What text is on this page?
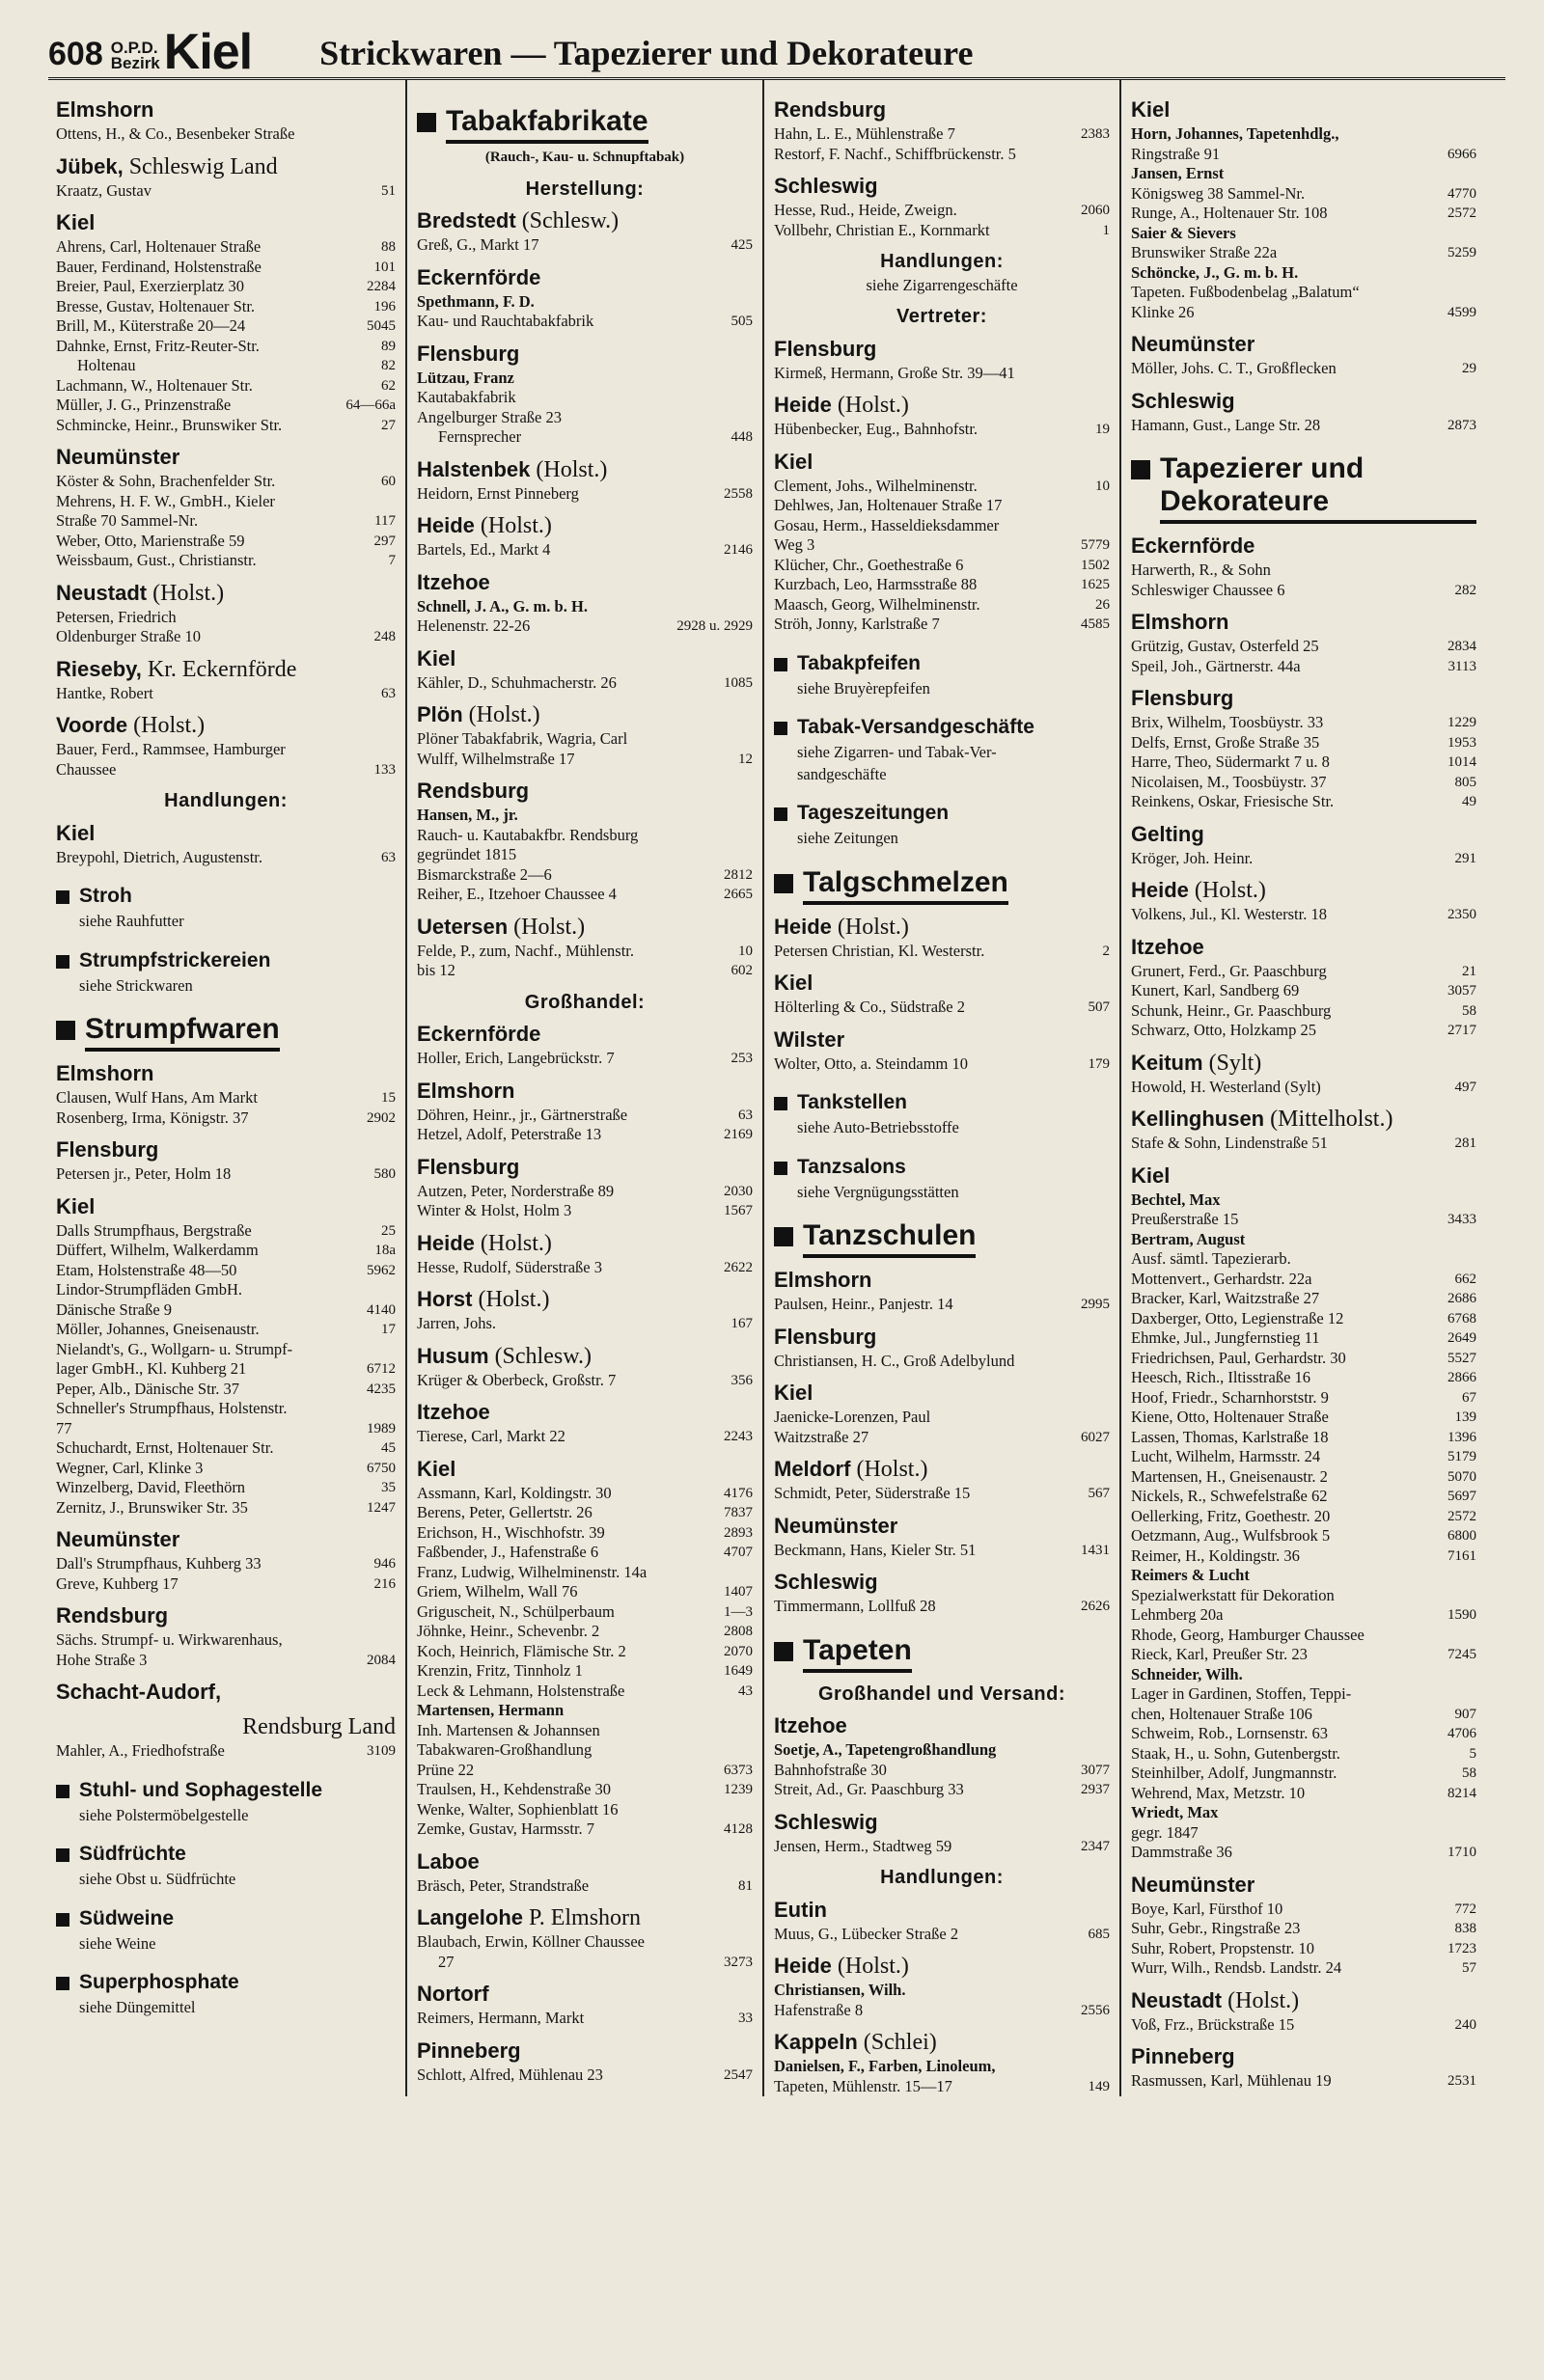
608 O.P.D.
Bezirk Kiel Strickwaren — Tapezierer und Dekorateure
Elmshorn
Ottens, H., & Co., Besenbeker Straße
Jübek, Schleswig Land
Kraatz, Gustav	51
Kiel
Ahrens, Carl, Holtenauer Straße	88
Bauer, Ferdinand, Holstenstraße	101
Breier, Paul, Exerzierplatz 30	2284
Bresse, Gustav, Holtenauer Str.	196
Brill, M., Küterstraße 20—24	5045
Dahnke, Ernst, Fritz-Reuter-Str.	89
Holtenau	82
Lachmann, W., Holtenauer Str.	62
Müller, J. G., Prinzenstraße	64—66a
Schmincke, Heinr., Brunswiker Str.	27
Neumünster
Köster & Sohn, Brachenfelder Str.	60
Mehrens, H. F. W., GmbH., Kieler
Straße 70 Sammel-Nr.	117
Weber, Otto, Marienstraße 59	297
Weissbaum, Gust., Christianstr.	7
Neustadt (Holst.)
Petersen, Friedrich
Oldenburger Straße 10	248
Rieseby, Kr. Eckernförde
Hantke, Robert	63
Voorde (Holst.)
Bauer, Ferd., Rammsee, Hamburger
Chaussee	133
Handlungen:
Kiel
Breypohl, Dietrich, Augustenstr.	63
Stroh
siehe Rauhfutter
Strumpfstrickereien
siehe Strickwaren
Strumpfwaren
Elmshorn
Clausen, Wulf Hans, Am Markt	15
Rosenberg, Irma, Königstr. 37	2902
Flensburg
Petersen jr., Peter, Holm 18	580
Kiel
Dalls Strumpfhaus, Bergstraße	25
Düffert, Wilhelm, Walkerdamm	18a
Etam, Holstenstraße 48—50	5962
Lindor-Strumpfläden GmbH.
Dänische Straße 9	4140
Möller, Johannes, Gneisenaustr.	17
Nielandt's, G., Wollgarn- u. Strumpf-
lager GmbH., Kl. Kuhberg 21	6712
Peper, Alb., Dänische Str. 37	4235
Schneller's Strumpfhaus, Holstenstr.
77	1989
Schuchardt, Ernst, Holtenauer Str.	45
Wegner, Carl, Klinke 3	6750
Winzelberg, David, Fleethörn	35
Zernitz, J., Brunswiker Str. 35	1247
Neumünster
Dall's Strumpfhaus, Kuhberg 33	946
Greve, Kuhberg 17	216
Rendsburg
Sächs. Strumpf- u. Wirkwarenhaus,
Hohe Straße 3	2084
Schacht-Audorf,
Rendsburg Land
Mahler, A., Friedhofstraße	3109
Stuhl- und Sophagestelle
siehe Polstermöbelgestelle
Südfrüchte
siehe Obst u. Südfrüchte
Südweine
siehe Weine
Superphosphate
siehe Düngemittel
Tabakfabrikate
(Rauch-, Kau- u. Schnupftabak)
Herstellung:
Bredstedt (Schlesw.)
Greß, G., Markt 17	425
Eckernförde
Spethmann, F. D.
Kau- und Rauchtabakfabrik	505
Flensburg
Lützau, Franz
Kautabakfabrik
Angelburger Straße 23
Fernsprecher	448
Halstenbek (Holst.)
Heidorn, Ernst Pinneberg	2558
Heide (Holst.)
Bartels, Ed., Markt 4	2146
Itzehoe
Schnell, J. A., G. m. b. H.
Helenenstr. 22-26	2928 u. 2929
Kiel
Kähler, D., Schuhmacherstr. 26	1085
Plön (Holst.)
Plöner Tabakfabrik, Wagria, Carl
Wulff, Wilhelmstraße 17	12
Rendsburg
Hansen, M., jr.
Rauch- u. Kautabakfbr. Rendsburg
gegründet 1815
Bismarckstraße 2—6	2812
Reiher, E., Itzehoer Chaussee 4	2665
Uetersen (Holst.)
Felde, P., zum, Nachf., Mühlenstr.	10
bis 12	602
Großhandel:
Eckernförde
Holler, Erich, Langebrückstr. 7	253
Elmshorn
Döhren, Heinr., jr., Gärtnerstraße	63
Hetzel, Adolf, Peterstraße 13	2169
Flensburg
Autzen, Peter, Norderstraße 89	2030
Winter & Holst, Holm 3	1567
Heide (Holst.)
Hesse, Rudolf, Süderstraße 3	2622
Horst (Holst.)
Jarren, Johs.	167
Husum (Schlesw.)
Krüger & Oberbeck, Großstr. 7	356
Itzehoe
Tierese, Carl, Markt 22	2243
Kiel
Assmann, Karl, Koldingstr. 30	4176
Berens, Peter, Gellertstr. 26	7837
Erichson, H., Wischhofstr. 39	2893
Faßbender, J., Hafenstraße 6	4707
Franz, Ludwig, Wilhelminenstr. 14a
Griem, Wilhelm, Wall 76	1407
Griguscheit, N., Schülperbaum	1—3
Jöhnke, Heinr., Schevenbr. 2	2808
Koch, Heinrich, Flämische Str. 2	2070
Krenzin, Fritz, Tinnholz 1	1649
Leck & Lehmann, Holstenstraße	43
Martensen, Hermann
Inh. Martensen & Johannsen
Tabakwaren-Großhandlung
Prüne 22	6373
Traulsen, H., Kehdenstraße 30	1239
Wenke, Walter, Sophienblatt 16
Zemke, Gustav, Harmsstr. 7	4128
Laboe
Bräsch, Peter, Strandstraße	81
Langelohe P. Elmshorn
Blaubach, Erwin, Köllner Chaussee
27	3273
Nortorf
Reimers, Hermann, Markt	33
Pinneberg
Schlott, Alfred, Mühlenau 23	2547
Rendsburg
Hahn, L. E., Mühlenstraße 7	2383
Restorf, F. Nachf., Schiffbrückenstr. 5
Schleswig
Hesse, Rud., Heide, Zweign.	2060
Vollbehr, Christian E., Kornmarkt	1
Handlungen:
siehe Zigarrengeschäfte
Vertreter:
Flensburg
Kirmeß, Hermann, Große Str. 39—41
Heide (Holst.)
Hübenbecker, Eug., Bahnhofstr.	19
Kiel
Clement, Johs., Wilhelminenstr.	10
Dehlwes, Jan, Holtenauer Straße 17
Gosau, Herm., Hasseldieksdammer
Weg 3	5779
Klücher, Chr., Goethestraße 6	1502
Kurzbach, Leo, Harmsstraße 88	1625
Maasch, Georg, Wilhelminenstr.	26
Ströh, Jonny, Karlstraße 7	4585
Tabakpfeifen
siehe Bruyèrepfeifen
Tabak-Versandgeschäfte
siehe Zigarren- und Tabak-Ver-
sandgeschäfte
Tageszeitungen
siehe Zeitungen
Talgschmelzen
Heide (Holst.)
Petersen Christian, Kl. Westerstr.	2
Kiel
Hölterling & Co., Südstraße 2	507
Wilster
Wolter, Otto, a. Steindamm 10	179
Tankstellen
siehe Auto-Betriebsstoffe
Tanzsalons
siehe Vergnügungsstätten
Tanzschulen
Elmshorn
Paulsen, Heinr., Panjestr. 14	2995
Flensburg
Christiansen, H. C., Groß Adelbylund
Kiel
Jaenicke-Lorenzen, Paul
Waitzstraße 27	6027
Meldorf (Holst.)
Schmidt, Peter, Süderstraße 15	567
Neumünster
Beckmann, Hans, Kieler Str. 51	1431
Schleswig
Timmermann, Lollfuß 28	2626
Tapeten
Großhandel und Versand:
Itzehoe
Soetje, A., Tapetengroßhandlung
Bahnhofstraße 30	3077
Streit, Ad., Gr. Paaschburg 33	2937
Schleswig
Jensen, Herm., Stadtweg 59	2347
Handlungen:
Eutin
Muus, G., Lübecker Straße 2	685
Heide (Holst.)
Christiansen, Wilh.
Hafenstraße 8	2556
Kappeln (Schlei)
Danielsen, F., Farben, Linoleum,
Tapeten, Mühlenstr. 15—17	149
Kiel
Horn, Johannes, Tapetenhdlg.,
Ringstraße 91	6966
Jansen, Ernst
Königsweg 38 Sammel-Nr.	4770
Runge, A., Holtenauer Str. 108	2572
Saier & Sievers
Brunswiker Straße 22a	5259
Schöncke, J., G. m. b. H.
Tapeten. Fußbodenbelag „Balatum“
Klinke 26	4599
Neumünster
Möller, Johs. C. T., Großflecken	29
Schleswig
Hamann, Gust., Lange Str. 28	2873
Tapezierer und Dekorateure
Eckernförde
Harwerth, R., & Sohn
Schleswiger Chaussee 6	282
Elmshorn
Grützig, Gustav, Osterfeld 25	2834
Speil, Joh., Gärtnerstr. 44a	3113
Flensburg
Brix, Wilhelm, Toosbüystr. 33	1229
Delfs, Ernst, Große Straße 35	1953
Harre, Theo, Südermarkt 7 u. 8	1014
Nicolaisen, M., Toosbüystr. 37	805
Reinkens, Oskar, Friesische Str.	49
Gelting
Kröger, Joh. Heinr.	291
Heide (Holst.)
Volkens, Jul., Kl. Westerstr. 18	2350
Itzehoe
Grunert, Ferd., Gr. Paaschburg	21
Kunert, Karl, Sandberg 69	3057
Schunk, Heinr., Gr. Paaschburg	58
Schwarz, Otto, Holzkamp 25	2717
Keitum (Sylt)
Howold, H. Westerland (Sylt)	497
Kellinghusen (Mittelholst.)
Stafe & Sohn, Lindenstraße 51	281
Kiel
Bechtel, Max
Preußerstraße 15	3433
Bertram, August
Ausf. sämtl. Tapezierarb.
Mottenvert., Gerhardstr. 22a	662
Bracker, Karl, Waitzstraße 27	2686
Daxberger, Otto, Legienstraße 12	6768
Ehmke, Jul., Jungfernstieg 11	2649
Friedrichsen, Paul, Gerhardstr. 30	5527
Heesch, Rich., Iltisstraße 16	2866
Hoof, Friedr., Scharnhorststr. 9	67
Kiene, Otto, Holtenauer Straße	139
Lassen, Thomas, Karlstraße 18	1396
Lucht, Wilhelm, Harmsstr. 24	5179
Martensen, H., Gneisenaustr. 2	5070
Nickels, R., Schwefelstraße 62	5697
Oellerking, Fritz, Goethestr. 20	2572
Oetzmann, Aug., Wulfsbrook 5	6800
Reimer, H., Koldingstr. 36	7161
Reimers & Lucht
Spezialwerkstatt für Dekoration
Lehmberg 20a	1590
Rhode, Georg, Hamburger Chaussee
Rieck, Karl, Preußer Str. 23	7245
Schneider, Wilh.
Lager in Gardinen, Stoffen, Teppi-
chen, Holtenauer Straße 106	907
Schweim, Rob., Lornsenstr. 63	4706
Staak, H., u. Sohn, Gutenbergstr.	5
Steinhilber, Adolf, Jungmannstr.	58
Wehrend, Max, Metzstr. 10	8214
Wriedt, Max
gegr. 1847
Dammstraße 36	1710
Neumünster
Boye, Karl, Fürsthof 10	772
Suhr, Gebr., Ringstraße 23	838
Suhr, Robert, Propstenstr. 10	1723
Wurr, Wilh., Rendsb. Landstr. 24	57
Neustadt (Holst.)
Voß, Frz., Brückstraße 15	240
Pinneberg
Rasmussen, Karl, Mühlenau 19	2531
